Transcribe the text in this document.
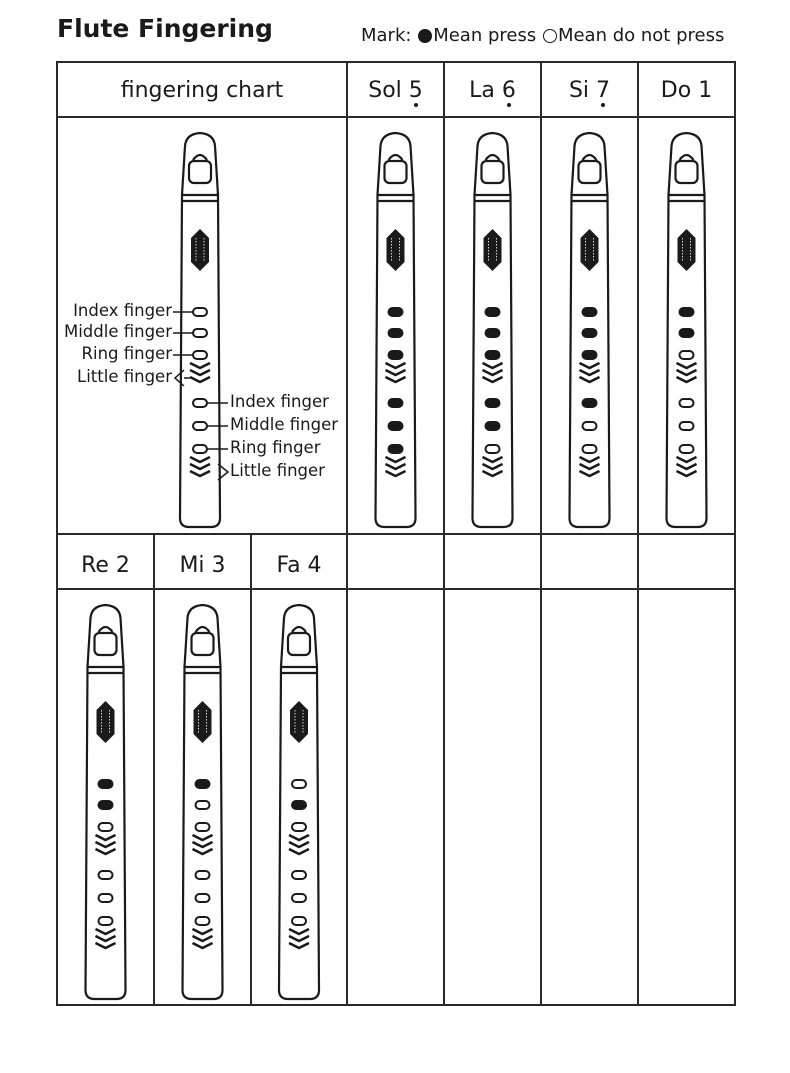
Flute Fingering	Mark: Mean press Mean do not press
fingering chart	Sol 5	La 6	Si 7	Do 1
Re 2	Mi 3	Fa 4
Index finger
Middle finger
Ring finger
Little finger
Index finger
Middle finger
Ring finger
Little finger
